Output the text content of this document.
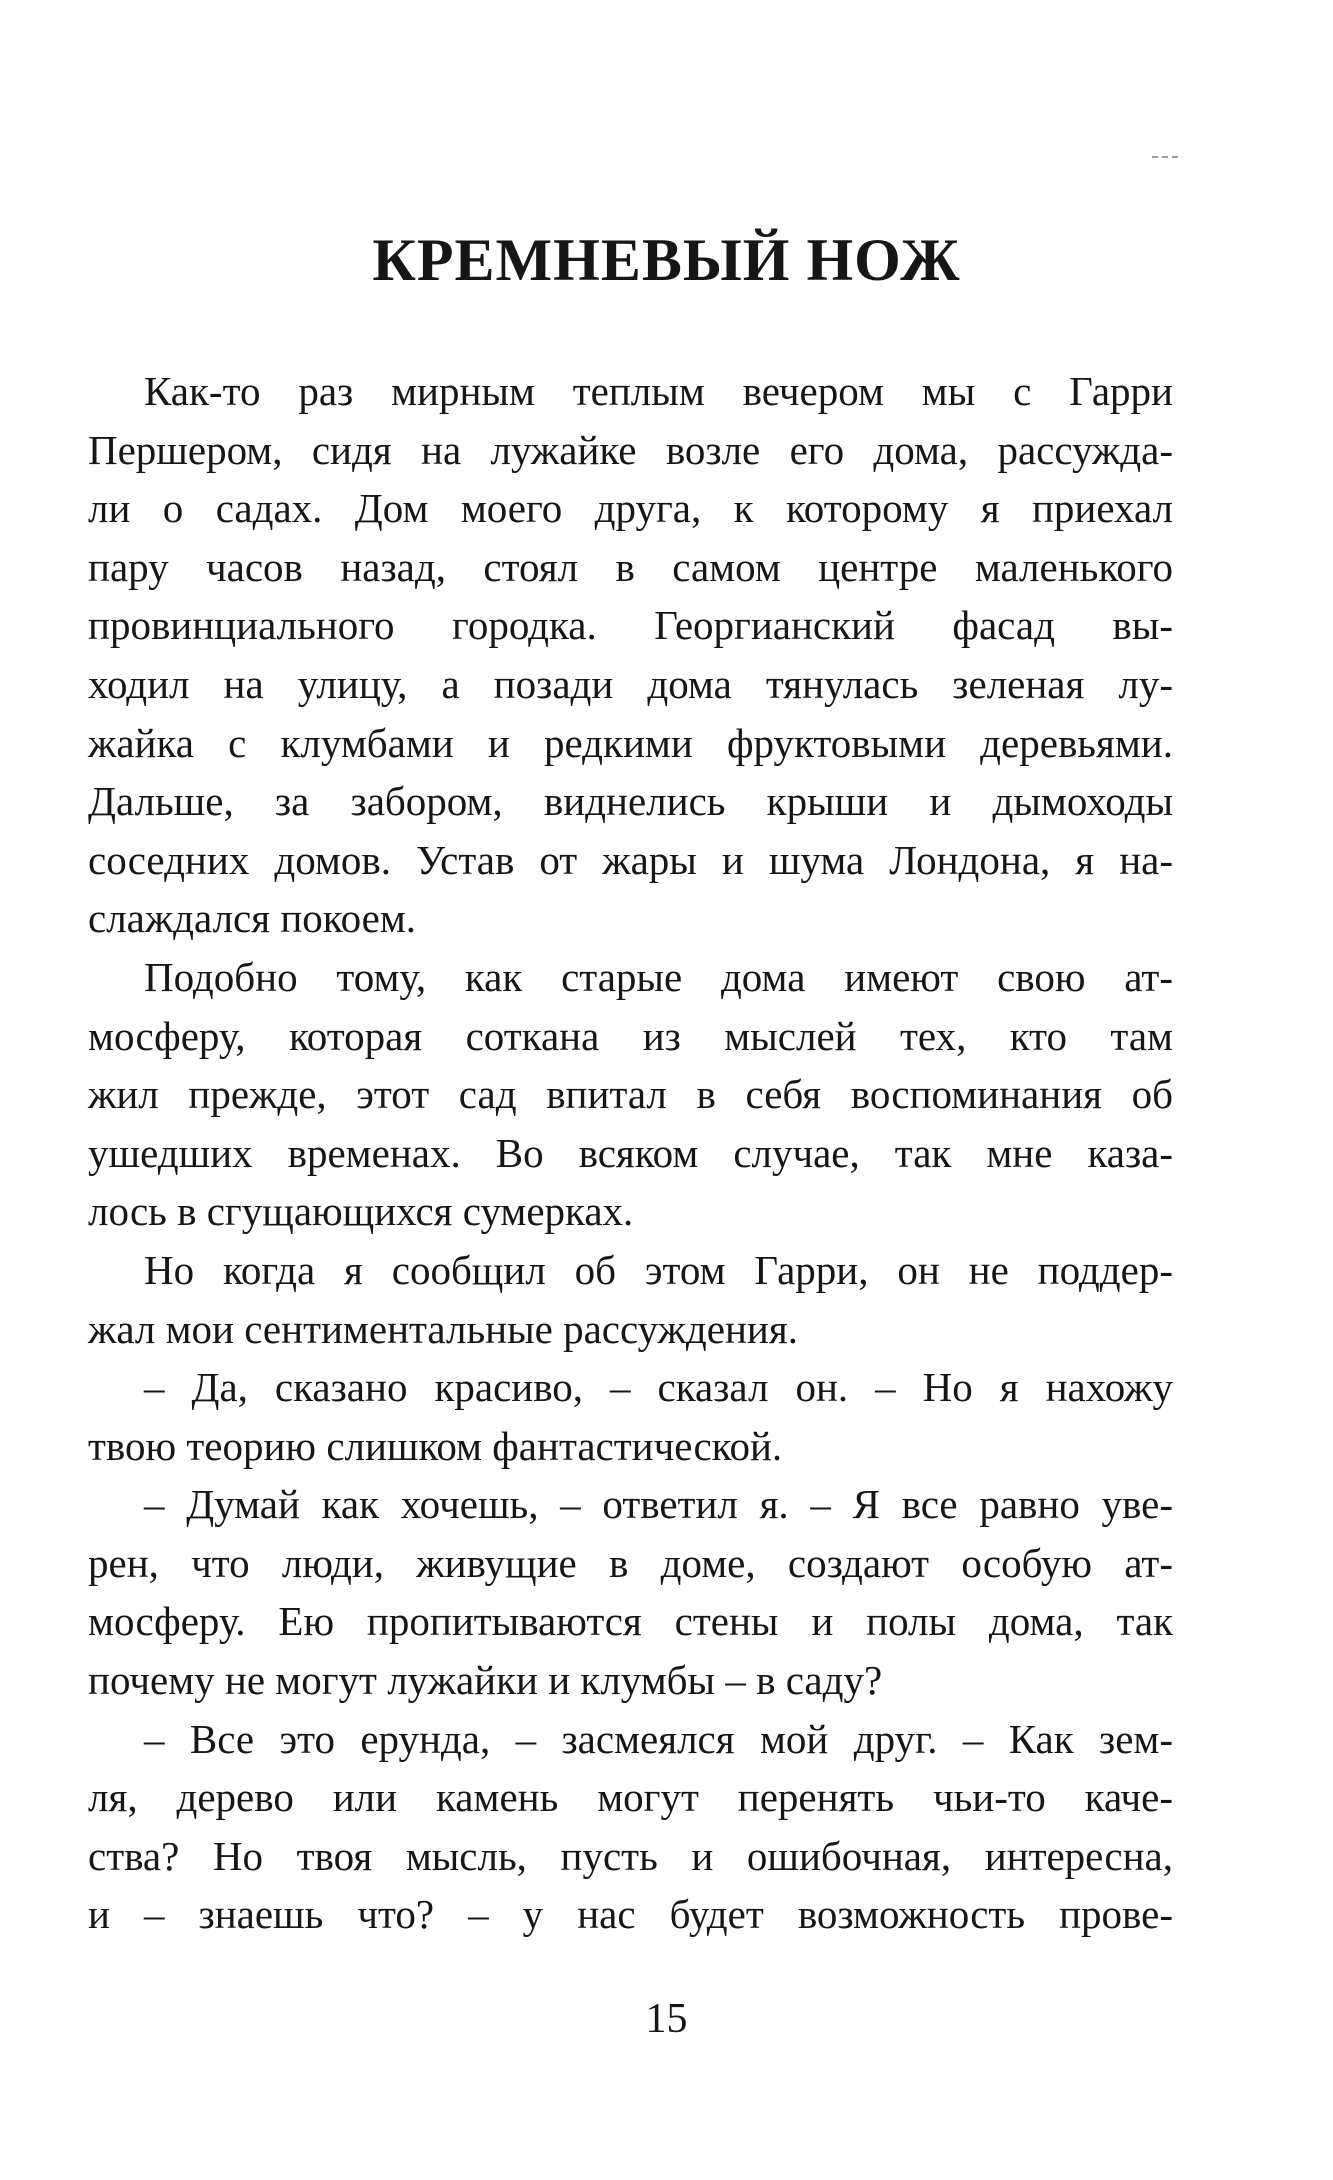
КРЕМНЕВЫЙ НОЖ
Как-то раз мирным теплым вечером мы с Гарри
Першером, сидя на лужайке возле его дома, рассужда-
ли о садах. Дом моего друга, к которому я приехал
пару часов назад, стоял в самом центре маленького
провинциального городка. Георгианский фасад вы-
ходил на улицу, а позади дома тянулась зеленая лу-
жайка с клумбами и редкими фруктовыми деревьями.
Дальше, за забором, виднелись крыши и дымоходы
соседних домов. Устав от жары и шума Лондона, я на-
слаждался покоем.
Подобно тому, как старые дома имеют свою ат-
мосферу, которая соткана из мыслей тех, кто там
жил прежде, этот сад впитал в себя воспоминания об
ушедших временах. Во всяком случае, так мне каза-
лось в сгущающихся сумерках.
Но когда я сообщил об этом Гарри, он не поддер-
жал мои сентиментальные рассуждения.
– Да, сказано красиво, – сказал он. – Но я нахожу
твою теорию слишком фантастической.
– Думай как хочешь, – ответил я. – Я все равно уве-
рен, что люди, живущие в доме, создают особую ат-
мосферу. Ею пропитываются стены и полы дома, так
почему не могут лужайки и клумбы – в саду?
– Все это ерунда, – засмеялся мой друг. – Как зем-
ля, дерево или камень могут перенять чьи-то каче-
ства? Но твоя мысль, пусть и ошибочная, интересна,
и – знаешь что? – у нас будет возможность прове-
15
